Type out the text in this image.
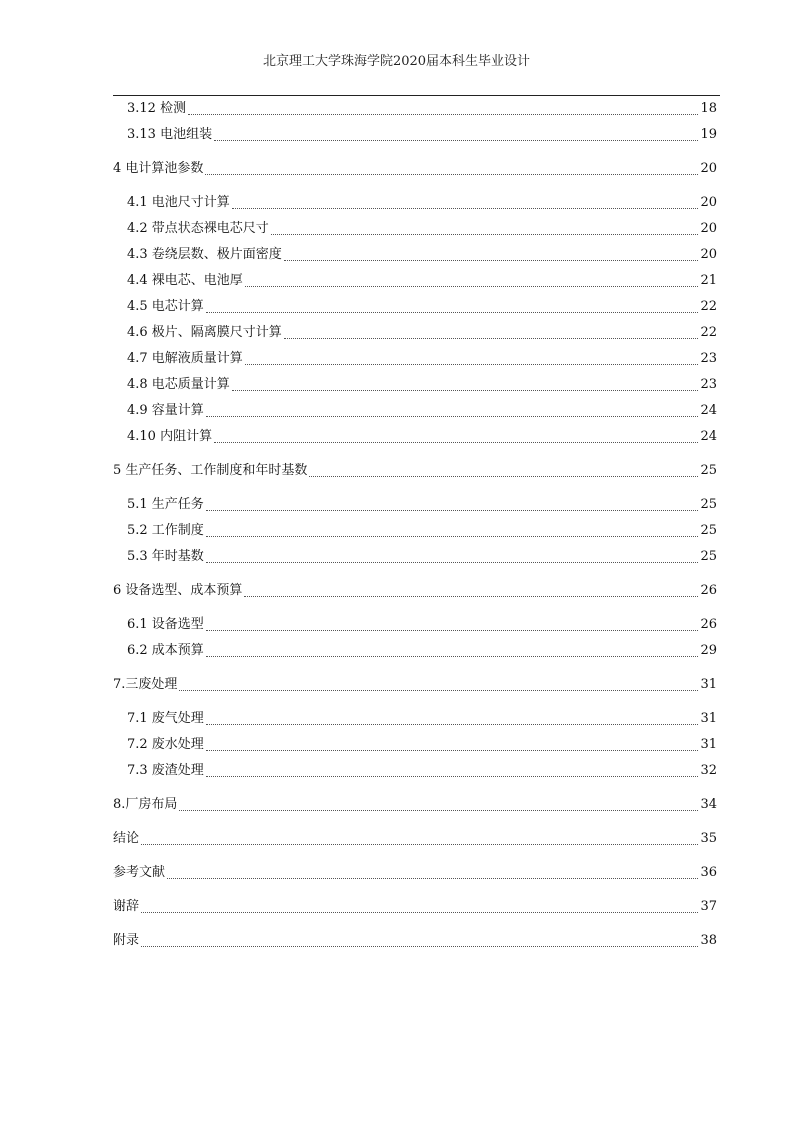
北京理工大学珠海学院2020届本科生毕业设计
3.12 检测	18
3.13 电池组装	19
4 电计算池参数	20
4.1 电池尺寸计算	20
4.2 带点状态裸电芯尺寸	20
4.3 卷绕层数、极片面密度	20
4.4 裸电芯、电池厚	21
4.5 电芯计算	22
4.6 极片、隔离膜尺寸计算	22
4.7 电解液质量计算	23
4.8 电芯质量计算	23
4.9 容量计算	24
4.10 内阻计算	24
5 生产任务、工作制度和年时基数	25
5.1 生产任务	25
5.2 工作制度	25
5.3 年时基数	25
6 设备选型、成本预算	26
6.1 设备选型	26
6.2 成本预算	29
7.三废处理	31
7.1 废气处理	31
7.2 废水处理	31
7.3 废渣处理	32
8.厂房布局	34
结论	35
参考文献	36
谢辞	37
附录	38
